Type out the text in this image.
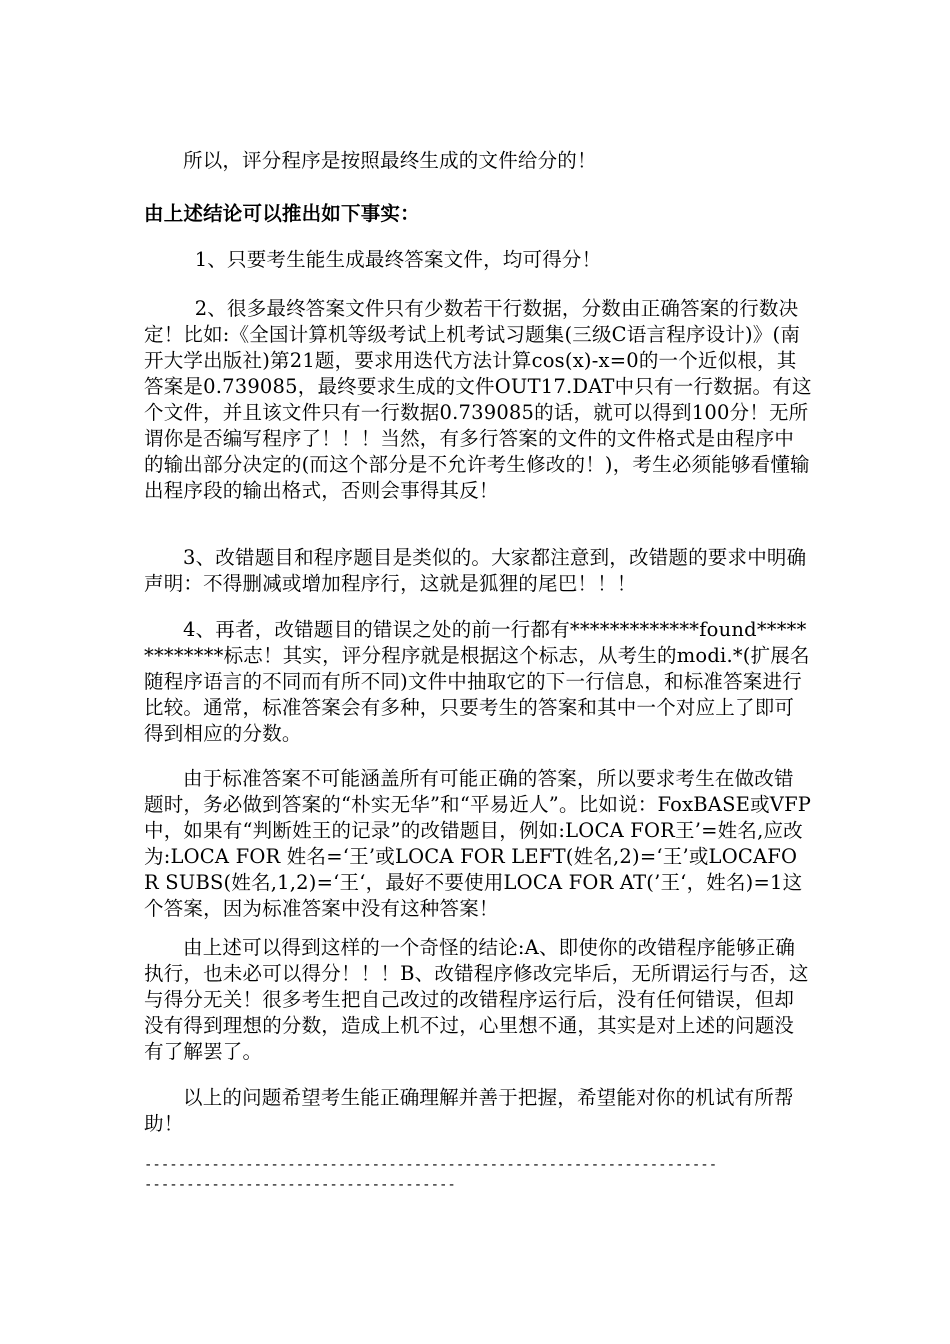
所以，评分程序是按照最终生成的文件给分的！

由上述结论可以推出如下事实：

1、只要考生能生成最终答案文件，均可得分！

2、很多最终答案文件只有少数若干行数据，分数由正确答案的行数决定！比如:《全国计算机等级考试上机考试习题集(三级C语言程序设计)》(南开大学出版社)第21题，要求用迭代方法计算cos(x)-x=0的一个近似根，其答案是0.739085，最终要求生成的文件OUT17.DAT中只有一行数据。有这个文件，并且该文件只有一行数据0.739085的话，就可以得到100分！无所谓你是否编写程序了！！！当然，有多行答案的文件的文件格式是由程序中的输出部分决定的(而这个部分是不允许考生修改的！)，考生必须能够看懂输出程序段的输出格式，否则会事得其反！

3、改错题目和程序题目是类似的。大家都注意到，改错题的要求中明确声明：不得删减或增加程序行，这就是狐狸的尾巴！！！

4、再者，改错题目的错误之处的前一行都有*************found*************标志！其实，评分程序就是根据这个标志，从考生的modi.*(扩展名随程序语言的不同而有所不同)文件中抽取它的下一行信息，和标准答案进行比较。通常，标准答案会有多种，只要考生的答案和其中一个对应上了即可得到相应的分数。

由于标准答案不可能涵盖所有可能正确的答案，所以要求考生在做改错题时，务必做到答案的“朴实无华”和“平易近人”。比如说：FoxBASE或VFP中，如果有“判断姓王的记录”的改错题目，例如:LOCA FOR王’=姓名,应改为:LOCA FOR 姓名=‘王’或LOCA FOR LEFT(姓名,2)=‘王’或LOCAFOR SUBS(姓名,1,2)=‘王‘，最好不要使用LOCA FOR AT(’王‘，姓名)=1这个答案，因为标准答案中没有这种答案！

由上述可以得到这样的一个奇怪的结论:A、即使你的改错程序能够正确执行，也未必可以得分！！！B、改错程序修改完毕后，无所谓运行与否，这与得分无关！很多考生把自己改过的改错程序运行后，没有任何错误，但却没有得到理想的分数，造成上机不过，心里想不通，其实是对上述的问题没有了解罢了。

以上的问题希望考生能正确理解并善于把握，希望能对你的机试有所帮助！

--------------------------------------------------------------------
-------------------------------------
